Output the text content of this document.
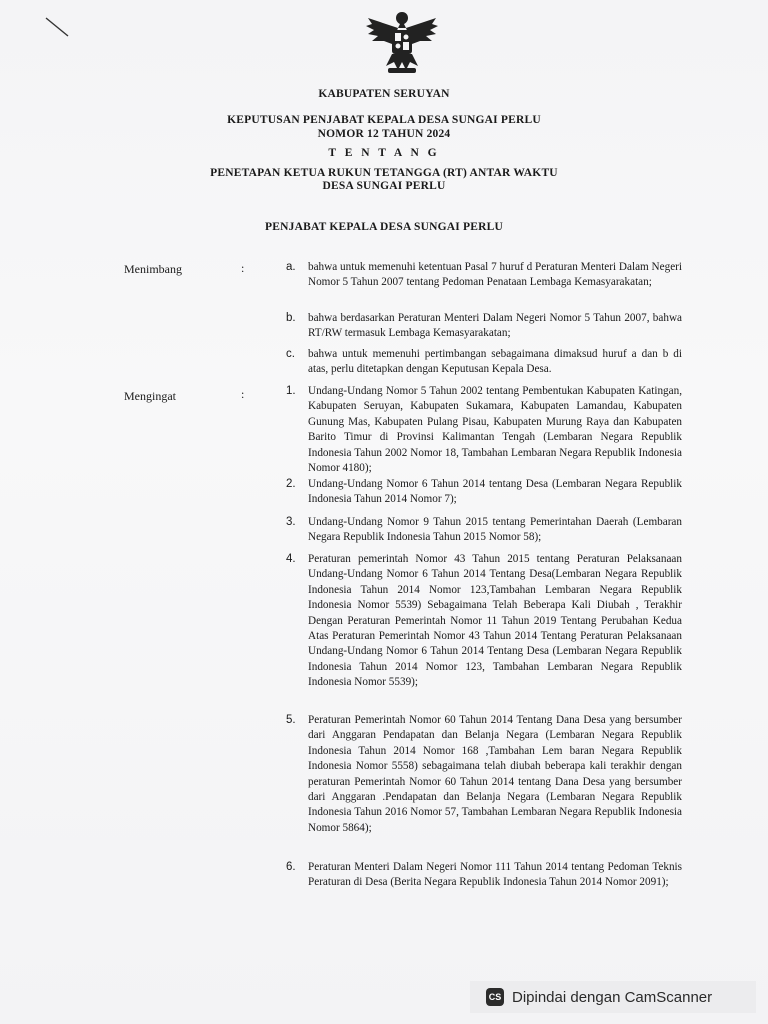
KABUPATEN SERUYAN
KEPUTUSAN PENJABAT KEPALA DESA SUNGAI PERLU
NOMOR 12 TAHUN 2024
T E N T A N G
PENETAPAN KETUA RUKUN TETANGGA (RT) ANTAR WAKTU
DESA SUNGAI PERLU
PENJABAT KEPALA DESA SUNGAI PERLU
Menimbang	:	a. bahwa untuk memenuhi ketentuan Pasal 7 huruf d Peraturan Menteri Dalam Negeri Nomor 5 Tahun 2007 tentang Pedoman Penataan Lembaga Kemasyarakatan;
b. bahwa berdasarkan Peraturan Menteri Dalam Negeri Nomor 5 Tahun 2007, bahwa RT/RW termasuk Lembaga Kemasyarakatan;
c. bahwa untuk memenuhi pertimbangan sebagaimana dimaksud huruf a dan b di atas, perlu ditetapkan dengan Keputusan Kepala Desa.
Mengingat	:	1. Undang-Undang Nomor 5 Tahun 2002 tentang Pembentukan Kabupaten Katingan, Kabupaten Seruyan, Kabupaten Sukamara, Kabupaten Lamandau, Kabupaten Gunung Mas, Kabupaten Pulang Pisau, Kabupaten Murung Raya dan Kabupaten Barito Timur di Provinsi Kalimantan Tengah (Lembaran Negara Republik Indonesia Tahun 2002 Nomor 18, Tambahan Lembaran Negara Republik Indonesia Nomor 4180);
2. Undang-Undang Nomor 6 Tahun 2014 tentang Desa (Lembaran Negara Republik Indonesia Tahun 2014 Nomor 7);
3. Undang-Undang Nomor 9 Tahun 2015 tentang Pemerintahan Daerah (Lembaran Negara Republik Indonesia Tahun 2015 Nomor 58);
4. Peraturan pemerintah Nomor 43 Tahun 2015 tentang Peraturan Pelaksanaan Undang-Undang Nomor 6 Tahun 2014 Tentang Desa(Lembaran Negara Republik Indonesia Tahun 2014 Nomor 123,Tambahan Lembaran Negara Republik Indonesia Nomor 5539) Sebagaimana Telah Beberapa Kali Diubah , Terakhir Dengan Peraturan Pemerintah Nomor 11 Tahun 2019 Tentang Perubahan Kedua Atas Peraturan Pemerintah Nomor 43 Tahun 2014 Tentang Peraturan Pelaksanaan Undang-Undang Nomor 6 Tahun 2014 Tentang Desa (Lembaran Negara Republik Indonesia Tahun 2014 Nomor 123, Tambahan Lembaran Negara Republik Indonesia Nomor 5539);
5. Peraturan Pemerintah Nomor 60 Tahun 2014 Tentang Dana Desa yang bersumber dari Anggaran Pendapatan dan Belanja Negara (Lembaran Negara Republik Indonesia Tahun 2014 Nomor 168 ,Tambahan Lem baran Negara Republik Indonesia Nomor 5558) sebagaimana telah diubah beberapa kali terakhir dengan peraturan Pemerintah Nomor 60 Tahun 2014 tentang Dana Desa yang bersumber dari Anggaran .Pendapatan dan Belanja Negara (Lembaran Negara Republik Indonesia Tahun 2016 Nomor 57, Tambahan Lembaran Negara Republik Indonesia Nomor 5864);
6. Peraturan Menteri Dalam Negeri Nomor 111 Tahun 2014 tentang Pedoman Teknis Peraturan di Desa (Berita Negara Republik Indonesia Tahun 2014 Nomor 2091);
CS Dipindai dengan CamScanner
